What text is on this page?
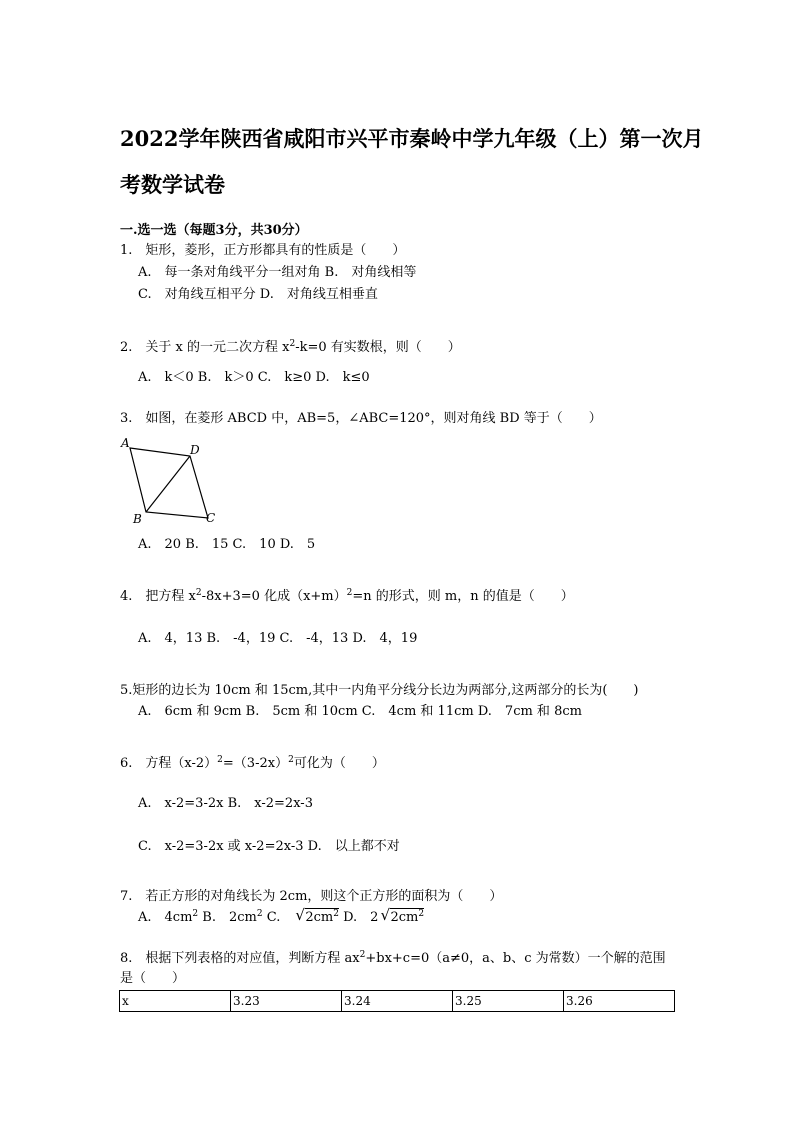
2022学年陕西省咸阳市兴平市秦岭中学九年级（上）第一次月
考数学试卷
一.选一选（每题3分，共30分）
1.　矩形，菱形，正方形都具有的性质是（　　）
A.　每一条对角线平分一组对角 B.　对角线相等
C.　对角线互相平分 D.　对角线互相垂直
2.　关于 x 的一元二次方程 $x^2-k=0$ 有实数根，则（　　）
A.　k＜0 B.　k＞0 C.　k≥0 D.　k≤0
3.　如图，在菱形 ABCD 中，AB=5，∠ABC=120°，则对角线 BD 等于（　　）
A	D
B	C
A.　20 B.　15 C.　10 D.　5
4.　把方程 $x^2-8x+3=0$ 化成$(x+m)^2=n$ 的形式，则 m，n 的值是（　　）
A.　4，13 B.　-4，19 C.　-4，13 D.　4，19
5.矩形的边长为 10cm 和 15cm,其中一内角平分线分长边为两部分,这两部分的长为(　　)
A.　6cm 和 9cm B.　5cm 和 10cm C.　4cm 和 11cm D.　7cm 和 8cm
6.　方程$(x-2)^2=(3-2x)^2$可化为（　　）
A.　x-2=3-2x B.　x-2=2x-3
C.　x-2=3-2x 或 x-2=2x-3 D.　以上都不对
7.　若正方形的对角线长为 2cm，则这个正方形的面积为（　　）
A.　$4cm^2$ B.　$2cm^2$ C.　 √ $2cm^2$ D.　2 √ $2cm^2$
8.　根据下列表格的对应值，判断方程 $ax^2+bx+c=0(a\ne 0$，a、b、c 为常数）一个解的范围
是（　　）
x	3.23	3.24	3.25	3.26
